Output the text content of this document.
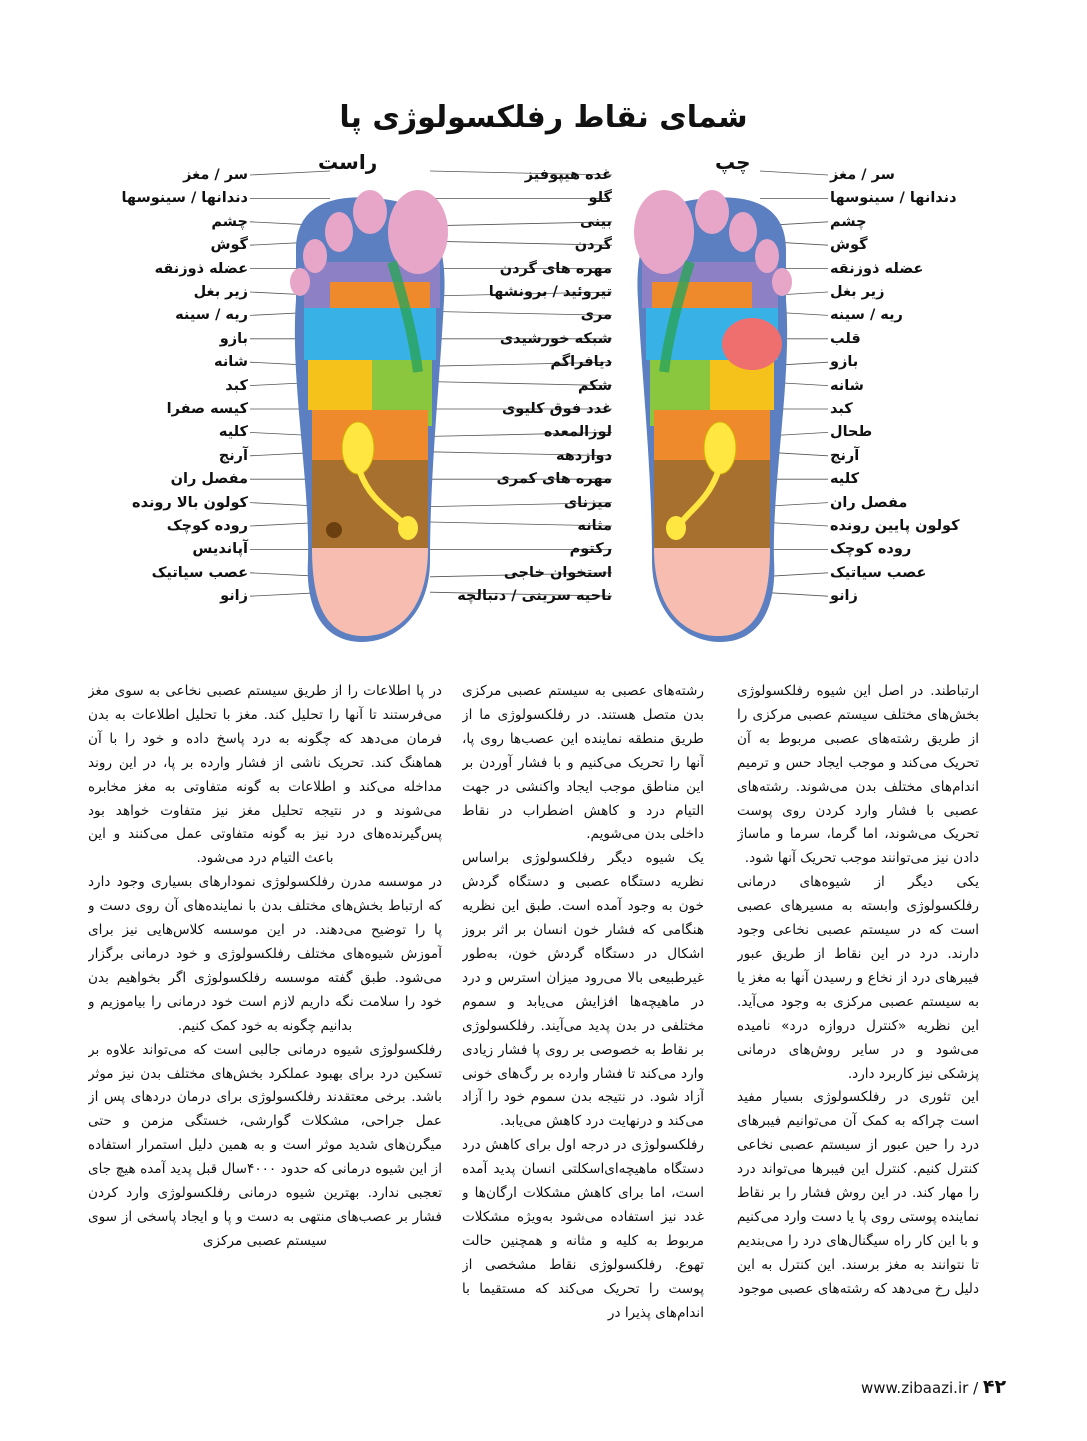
شمای نقاط رفلکسولوژی پا
راست	چپ
سر / مغز
دندانها / سینوسها
چشم
گوش
عضله ذوزنقه
زیر بغل
ریه / سینه
بازو
شانه
کبد
کیسه صفرا
کلیه
آرنج
مفصل ران
کولون بالا رونده
روده کوچک
آپاندیس
عصب سیاتیک
زانو
غده هیپوفیز
گلو
بینی
گردن
مهره های گردن
تیروئید / برونشها
مری
شبکه خورشیدی
دیافراگم
شکم
غدد فوق کلیوی
لوزالمعده
دوازدهه
مهره های کمری
میزنای
مثانه
رکتوم
استخوان خاجی
ناحیه سرینی / دنبالچه
سر / مغز
دندانها / سینوسها
چشم
گوش
عضله ذوزنقه
زیر بغل
ریه / سینه
قلب
بازو
شانه
کبد
طحال
آرنج
کلیه
مفصل ران
کولون پایین رونده
روده کوچک
عصب سیاتیک
زانو

ارتباطند. در اصل این شیوه رفلکسولوژی بخش‌های مختلف سیستم عصبی مرکزی را از طریق رشته‌های عصبی مربوط به آن تحریک می‌کند و موجب ایجاد حس و ترمیم اندام‌های مختلف بدن می‌شوند. رشته‌های عصبی با فشار وارد کردن روی پوست تحریک می‌شوند، اما گرما، سرما و ماساژ دادن نیز می‌توانند موجب تحریک آنها شود.

یکی دیگر از شیوه‌های درمانی رفلکسولوژی وابسته به مسیرهای عصبی است که در سیستم عصبی نخاعی وجود دارند. درد در این نقاط از طریق عبور فیبرهای درد از نخاع و رسیدن آنها به مغز یا به سیستم عصبی مرکزی به وجود می‌آید. این نظریه «کنترل دروازه درد» نامیده می‌شود و در سایر روش‌های درمانی پزشکی نیز کاربرد دارد.

این تئوری در رفلکسولوژی بسیار مفید است چراکه به کمک آن می‌توانیم فیبرهای درد را حین عبور از سیستم عصبی نخاعی کنترل کنیم. کنترل این فیبرها می‌تواند درد را مهار کند. در این روش فشار را بر نقاط نماینده پوستی روی پا یا دست وارد می‌کنیم و با این کار راه سیگنال‌های درد را می‌بندیم تا نتوانند به مغز برسند. این کنترل به این دلیل رخ می‌دهد که رشته‌های عصبی موجود

رشته‌های عصبی به سیستم عصبی مرکزی بدن متصل هستند. در رفلکسولوژی ما از طریق منطقه نماینده این عصب‌ها روی پا، آنها را تحریک می‌کنیم و با فشار آوردن بر این مناطق موجب ایجاد واکنشی در جهت التیام درد و کاهش اضطراب در نقاط داخلی بدن می‌شویم.

یک شیوه دیگر رفلکسولوژی براساس نظریه دستگاه عصبی و دستگاه گردش خون به وجود آمده است. طبق این نظریه هنگامی که فشار خون انسان بر اثر بروز اشکال در دستگاه گردش خون، به‌طور غیرطبیعی بالا می‌رود میزان استرس و درد در ماهیچه‌ها افزایش می‌یابد و سموم مختلفی در بدن پدید می‌آیند. رفلکسولوژی بر نقاط به خصوصی بر روی پا فشار زیادی وارد می‌کند تا فشار وارده بر رگ‌های خونی آزاد شود. در نتیجه بدن سموم خود را آزاد می‌کند و درنهایت درد کاهش می‌یابد.

رفلکسولوژی در درجه اول برای کاهش درد دستگاه ماهیچه‌ای‌اسکلتی انسان پدید آمده است، اما برای کاهش مشکلات ارگان‌ها و غدد نیز استفاده می‌شود به‌ویژه مشکلات مربوط به کلیه و مثانه و همچنین حالت تهوع. رفلکسولوژی نقاط مشخصی از پوست را تحریک می‌کند که مستقیما با اندام‌های پذیرا در

در پا اطلاعات را از طریق سیستم عصبی نخاعی به سوی مغز می‌فرستند تا آنها را تحلیل کند. مغز با تحلیل اطلاعات به بدن فرمان می‌دهد که چگونه به درد پاسخ داده و خود را با آن هماهنگ کند. تحریک ناشی از فشار وارده بر پا، در این روند مداخله می‌کند و اطلاعات به گونه متفاوتی به مغز مخابره می‌شوند و در نتیجه تحلیل مغز نیز متفاوت خواهد بود پس‌گیرنده‌های درد نیز به گونه متفاوتی عمل می‌کنند و این باعث التیام درد می‌شود.

در موسسه مدرن رفلکسولوژی نمودارهای بسیاری وجود دارد که ارتباط بخش‌های مختلف بدن با نماینده‌های آن روی دست و پا را توضیح می‌دهند. در این موسسه کلاس‌هایی نیز برای آموزش شیوه‌های مختلف رفلکسولوژی و خود درمانی برگزار می‌شود. طبق گفته موسسه رفلکسولوژی اگر بخواهیم بدن خود را سلامت نگه داریم لازم است خود درمانی را بیاموزیم و بدانیم چگونه به خود کمک کنیم.

رفلکسولوژی شیوه درمانی جالبی است که می‌تواند علاوه بر تسکین درد برای بهبود عملکرد بخش‌های مختلف بدن نیز موثر باشد. برخی معتقدند رفلکسولوژی برای درمان دردهای پس از عمل جراحی، مشکلات گوارشی، خستگی مزمن و حتی میگرن‌های شدید موثر است و به همین دلیل استمرار استفاده از این شیوه درمانی که حدود ۴۰۰۰سال قبل پدید آمده هیچ جای تعجبی ندارد. بهترین شیوه درمانی رفلکسولوژی وارد کردن فشار بر عصب‌های منتهی به دست و پا و ایجاد پاسخی از سوی سیستم عصبی مرکزی

www.zibaazi.ir / ۴۲
